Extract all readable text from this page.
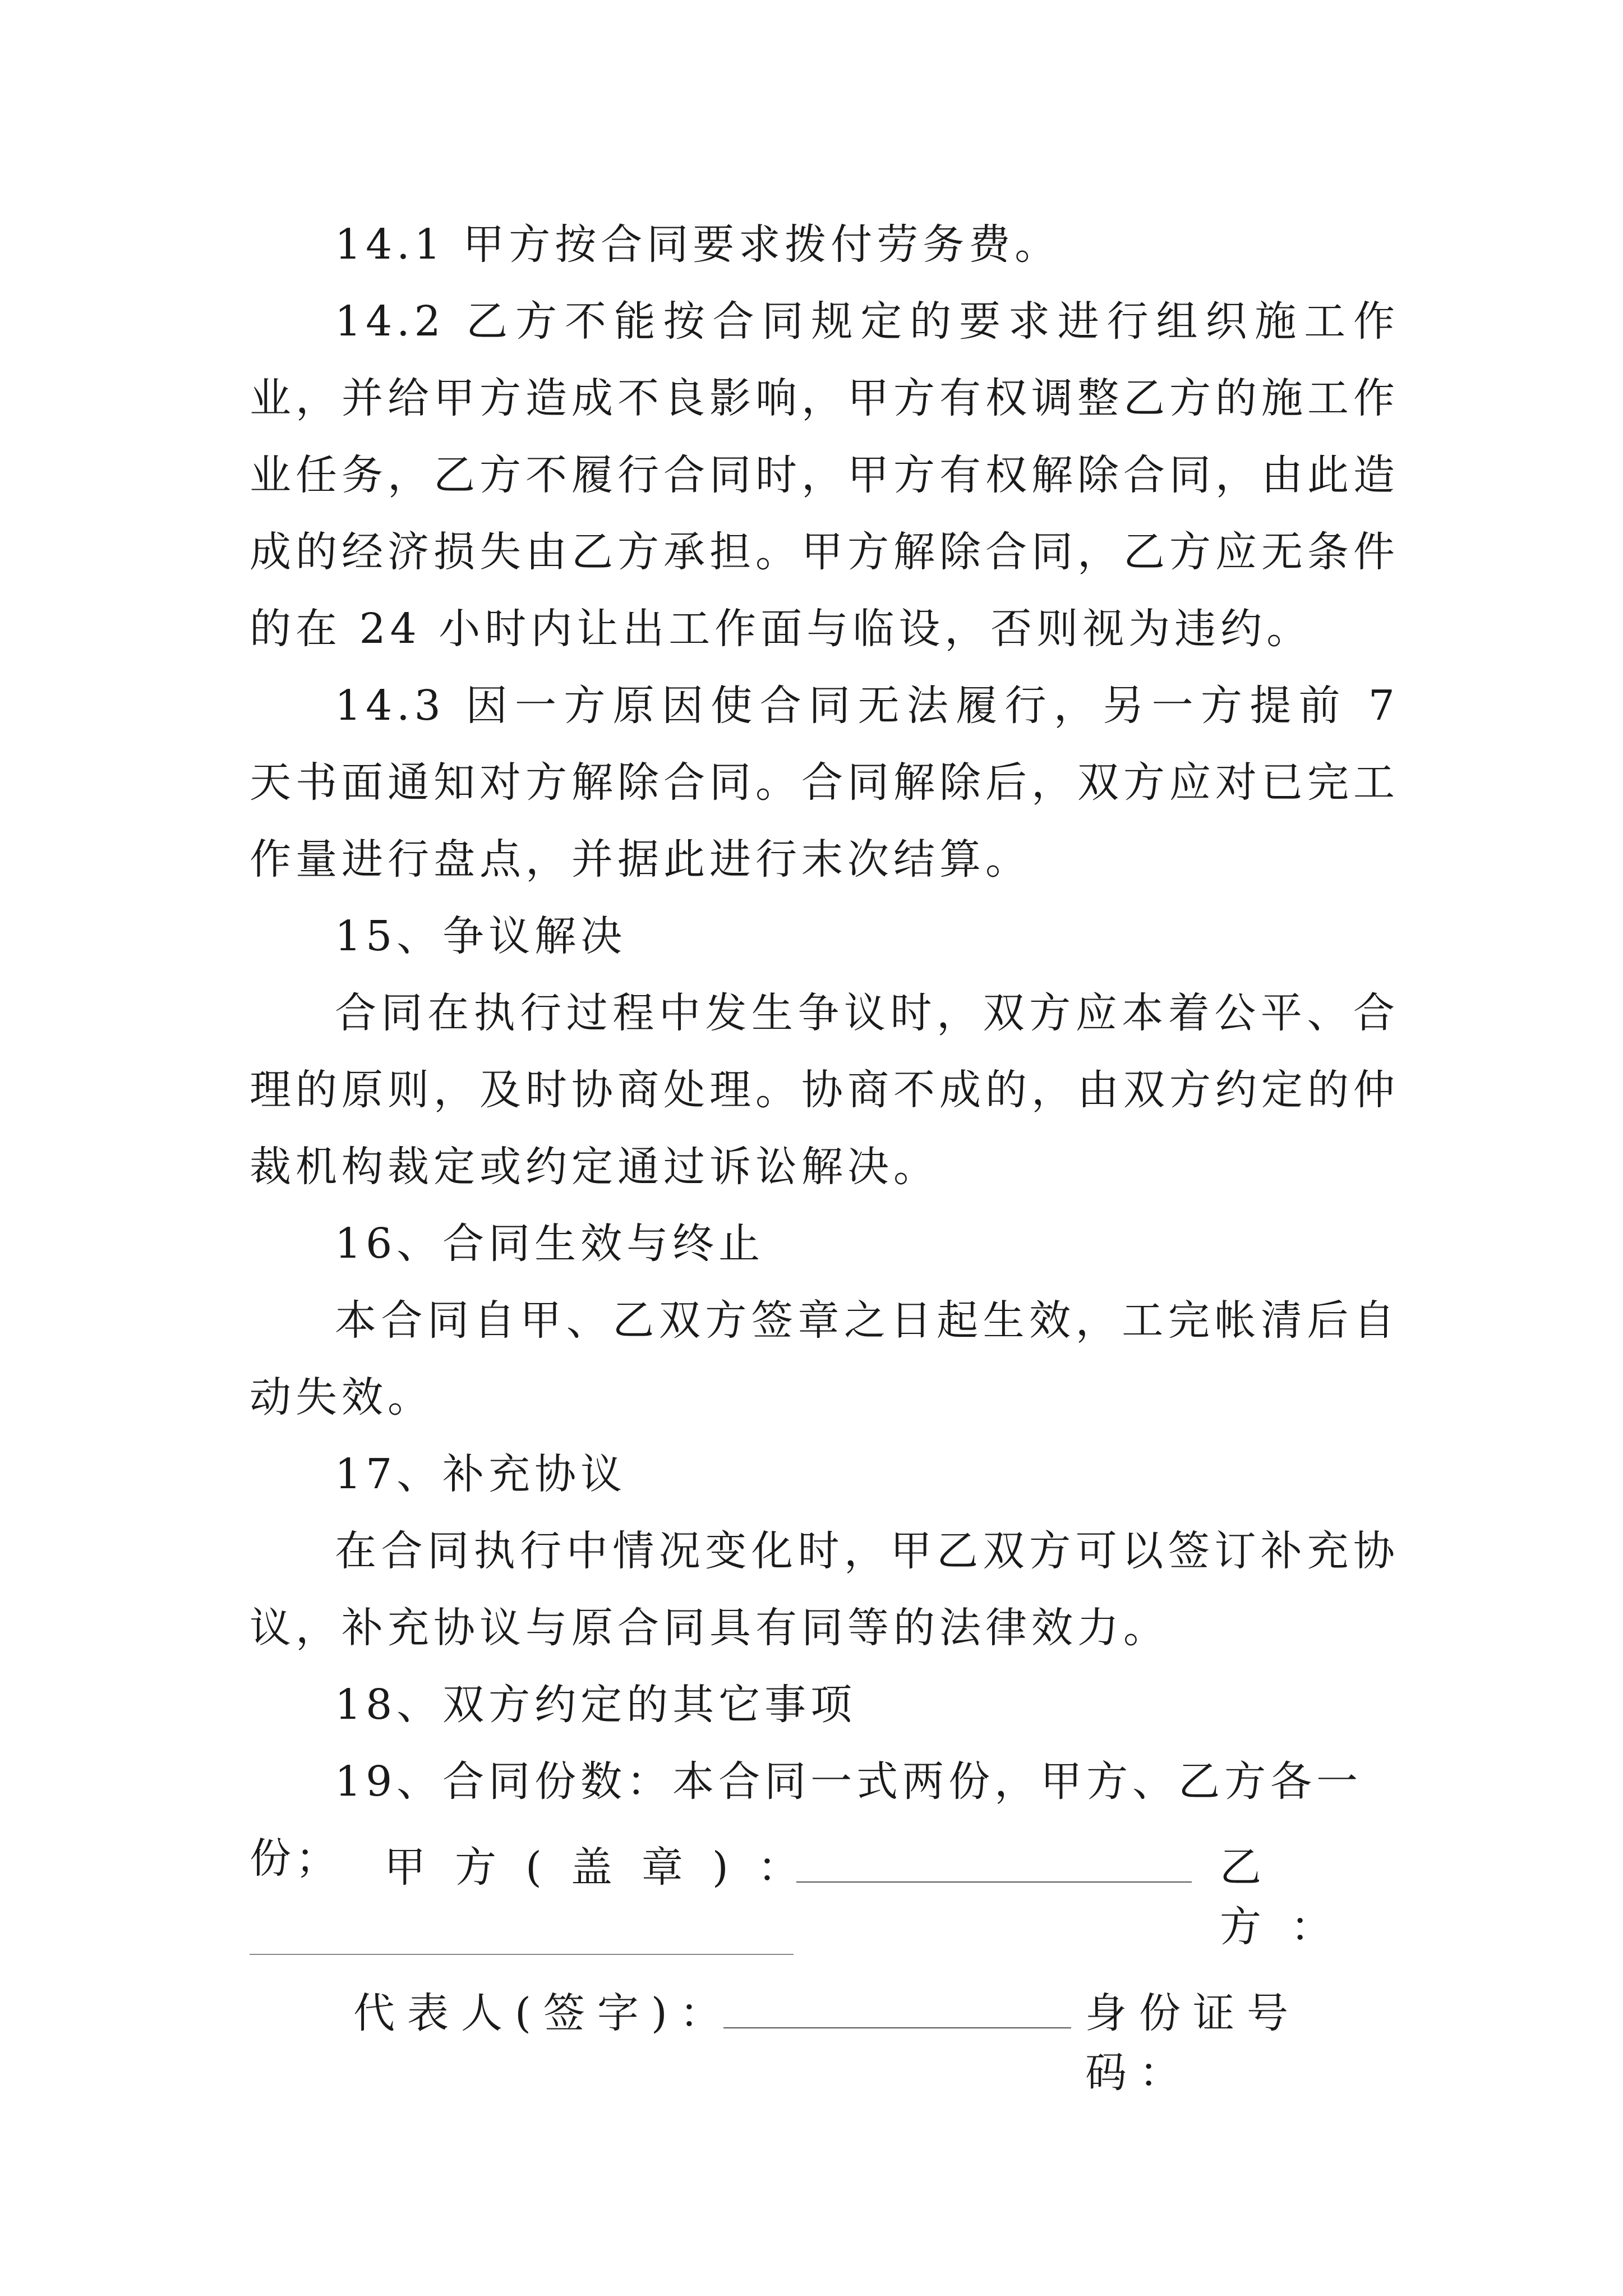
14.1 甲方按合同要求拨付劳务费。

14.2 乙方不能按合同规定的要求进行组织施工作业，并给甲方造成不良影响，甲方有权调整乙方的施工作业任务，乙方不履行合同时，甲方有权解除合同，由此造成的经济损失由乙方承担。甲方解除合同，乙方应无条件的在 24 小时内让出工作面与临设，否则视为违约。

14.3 因一方原因使合同无法履行，另一方提前 7 天书面通知对方解除合同。合同解除后，双方应对已完工作量进行盘点，并据此进行末次结算。

15、争议解决

合同在执行过程中发生争议时，双方应本着公平、合理的原则，及时协商处理。协商不成的，由双方约定的仲裁机构裁定或约定通过诉讼解决。

16、合同生效与终止

本合同自甲、乙双方签章之日起生效，工完帐清后自动失效。

17、补充协议

在合同执行中情况变化时，甲乙双方可以签订补充协议，补充协议与原合同具有同等的法律效力。

18、双方约定的其它事项

19、合同份数：本合同一式两份，甲方、乙方各一份；	甲方(盖章)：	乙方：
代表人(签字)：	身份证号码：
